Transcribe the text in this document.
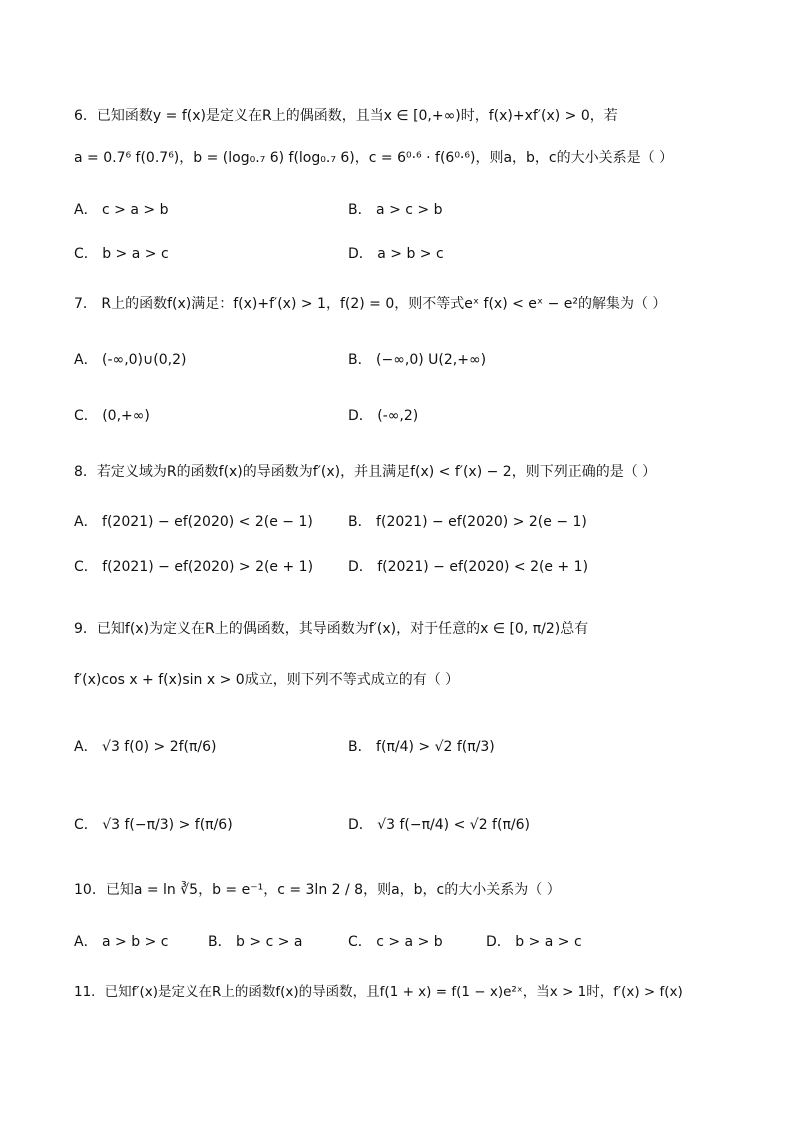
6．已知函数y = f(x)是定义在R上的偶函数，且当x ∈ [0,+∞)时，f(x)+xf′(x) > 0，若
a = 0.7⁶ f(0.7⁶)，b = (log₀.₇ 6) f(log₀.₇ 6)，c = 6⁰·⁶ · f(6⁰·⁶)，则a，b，c的大小关系是（ ）
A． c > a > b	B． a > c > b
C． b > a > c	D． a > b > c
7． R上的函数f(x)满足：f(x)+f′(x) > 1，f(2) = 0，则不等式eˣ f(x) < eˣ − e²的解集为（ ）
A． (-∞,0)∪(0,2)	B． (−∞,0) U(2,+∞)
C． (0,+∞)	D． (-∞,2)
8．若定义域为R的函数f(x)的导函数为f′(x)，并且满足f(x) < f′(x) − 2，则下列正确的是（ ）
A． f(2021) − ef(2020) < 2(e − 1)	B． f(2021) − ef(2020) > 2(e − 1)
C． f(2021) − ef(2020) > 2(e + 1) D． f(2021) − ef(2020) < 2(e + 1)
9．已知f(x)为定义在R上的偶函数，其导函数为f′(x)，对于任意的x ∈ [0, π/2)总有
f′(x)cos x + f(x)sin x > 0成立，则下列不等式成立的有（ ）
A． √3 f(0) > 2f(π/6)	B． f(π/4) > √2 f(π/3)
C． √3 f(−π/3) > f(π/6)	D． √3 f(−π/4) < √2 f(π/6)
10．已知a = ln ∛5，b = e⁻¹，c = 3ln 2 / 8，则a，b，c的大小关系为（ ）
A． a > b > c	B． b > c > a	C． c > a > b	D． b > a > c
11．已知f′(x)是定义在R上的函数f(x)的导函数，且f(1 + x) = f(1 − x)e²ˣ，当x > 1时，f′(x) > f(x)
